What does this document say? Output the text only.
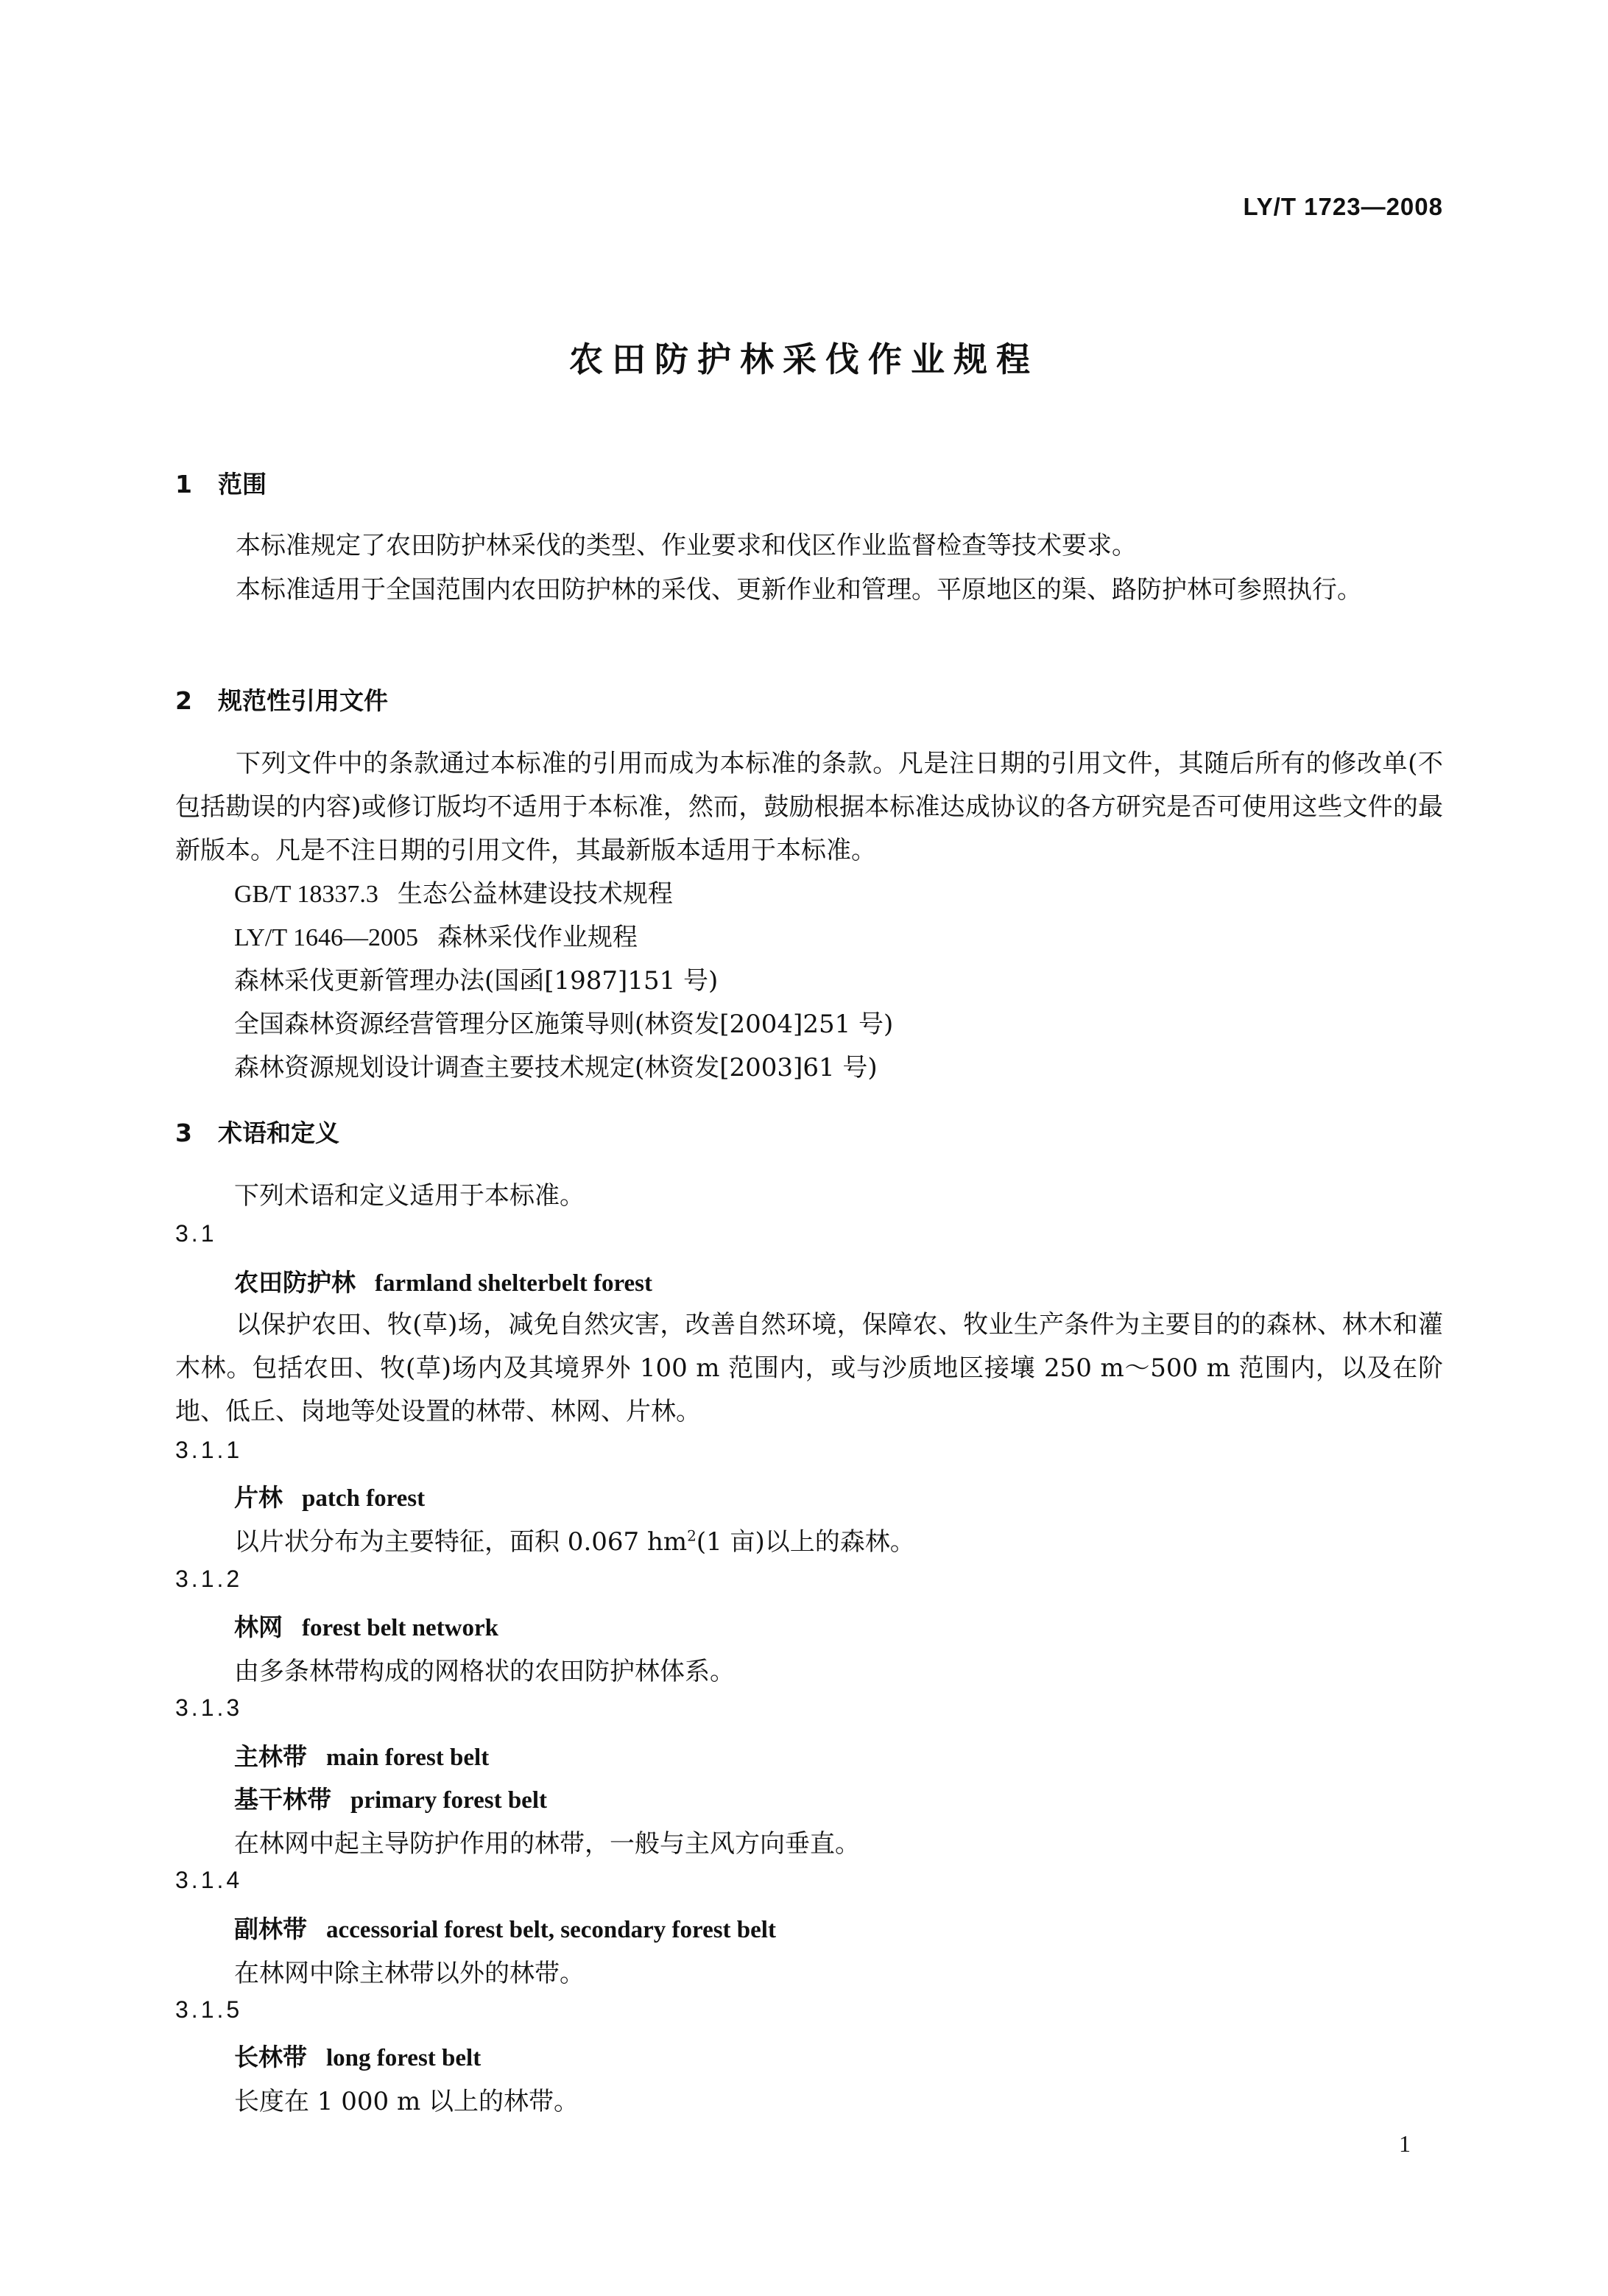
LY/T 1723—2008
农田防护林采伐作业规程
1 范围
本标准规定了农田防护林采伐的类型、作业要求和伐区作业监督检查等技术要求。
本标准适用于全国范围内农田防护林的采伐、更新作业和管理。平原地区的渠、路防护林可参照执行。
2 规范性引用文件
下列文件中的条款通过本标准的引用而成为本标准的条款。凡是注日期的引用文件，其随后所有的修改单(不包括勘误的内容)或修订版均不适用于本标准，然而，鼓励根据本标准达成协议的各方研究是否可使用这些文件的最新版本。凡是不注日期的引用文件，其最新版本适用于本标准。
GB/T 18337.3 生态公益林建设技术规程
LY/T 1646—2005 森林采伐作业规程
森林采伐更新管理办法(国函[1987]151 号)
全国森林资源经营管理分区施策导则(林资发[2004]251 号)
森林资源规划设计调查主要技术规定(林资发[2003]61 号)
3 术语和定义
下列术语和定义适用于本标准。
3.1
农田防护林 farmland shelterbelt forest
以保护农田、牧(草)场，减免自然灾害，改善自然环境，保障农、牧业生产条件为主要目的的森林、林木和灌木林。包括农田、牧(草)场内及其境界外 100 m 范围内，或与沙质地区接壤 250 m～500 m 范围内，以及在阶地、低丘、岗地等处设置的林带、林网、片林。
3.1.1
片林 patch forest
以片状分布为主要特征，面积 0.067 $hm^2(1$ 亩)以上的森林。
3.1.2
林网 forest belt network
由多条林带构成的网格状的农田防护林体系。
3.1.3
主林带 main forest belt
基干林带 primary forest belt
在林网中起主导防护作用的林带，一般与主风方向垂直。
3.1.4
副林带 accessorial forest belt, secondary forest belt
在林网中除主林带以外的林带。
3.1.5
长林带 long forest belt
长度在 1 000 m 以上的林带。
1
